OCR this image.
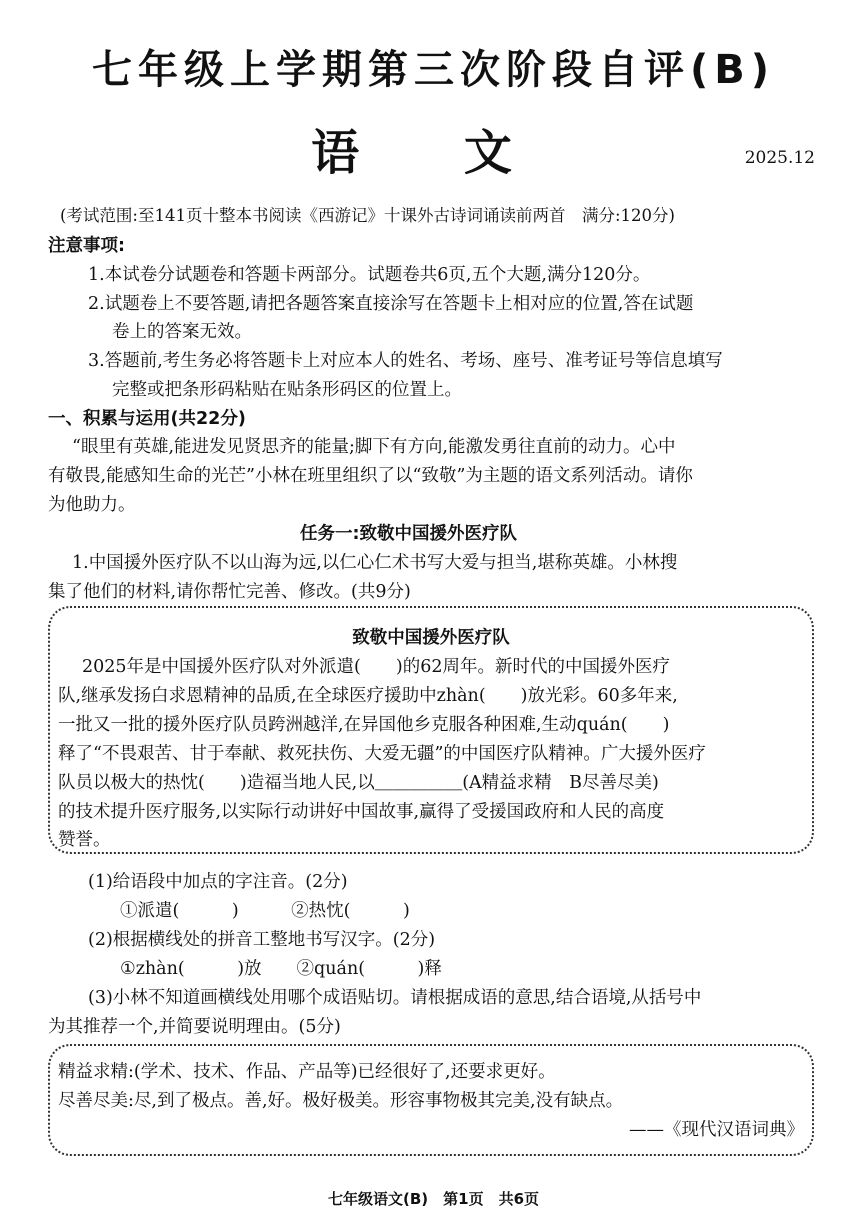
七年级上学期第三次阶段自评(B)
语 文	2025.12
(考试范围:至141页十整本书阅读《西游记》十课外古诗词诵读前两首　满分:120分)
注意事项:
1.本试卷分试题卷和答题卡两部分。试题卷共6页,五个大题,满分120分。
2.试题卷上不要答题,请把各题答案直接涂写在答题卡上相对应的位置,答在试题
卷上的答案无效。
3.答题前,考生务必将答题卡上对应本人的姓名、考场、座号、准考证号等信息填写
完整或把条形码粘贴在贴条形码区的位置上。
一、积累与运用(共22分)
“眼里有英雄,能进发见贤思齐的能量;脚下有方向,能激发勇往直前的动力。心中
有敬畏,能感知生命的光芒”小林在班里组织了以“致敬”为主题的语文系列活动。请你
为他助力。
任务一:致敬中国援外医疗队
1.中国援外医疗队不以山海为远,以仁心仁术书写大爱与担当,堪称英雄。小林搜
集了他们的材料,请你帮忙完善、修改。(共9分)
致敬中国援外医疗队
2025年是中国援外医疗队对外派遣(　　)的62周年。新时代的中国援外医疗
队,继承发扬白求恩精神的品质,在全球医疗援助中zhàn(　　)放光彩。60多年来,
一批又一批的援外医疗队员跨洲越洋,在异国他乡克服各种困难,生动quán(　　)
释了“不畏艰苦、甘于奉献、救死扶伤、大爱无疆”的中国医疗队精神。广大援外医疗
队员以极大的热忱(　　)造福当地人民,以＿＿＿＿＿(A精益求精　B尽善尽美)
的技术提升医疗服务,以实际行动讲好中国故事,赢得了受援国政府和人民的高度
赞誉。
(1)给语段中加点的字注音。(2分)
①派遣(　　　)　　　②热忱(　　　)
(2)根据横线处的拼音工整地书写汉字。(2分)
①zhàn(　　　)放　　②quán(　　　)释
(3)小林不知道画横线处用哪个成语贴切。请根据成语的意思,结合语境,从括号中
为其推荐一个,并简要说明理由。(5分)
精益求精:(学术、技术、作品、产品等)已经很好了,还要求更好。
尽善尽美:尽,到了极点。善,好。极好极美。形容事物极其完美,没有缺点。
——《现代汉语词典》
七年级语文(B)　第1页　共6页
